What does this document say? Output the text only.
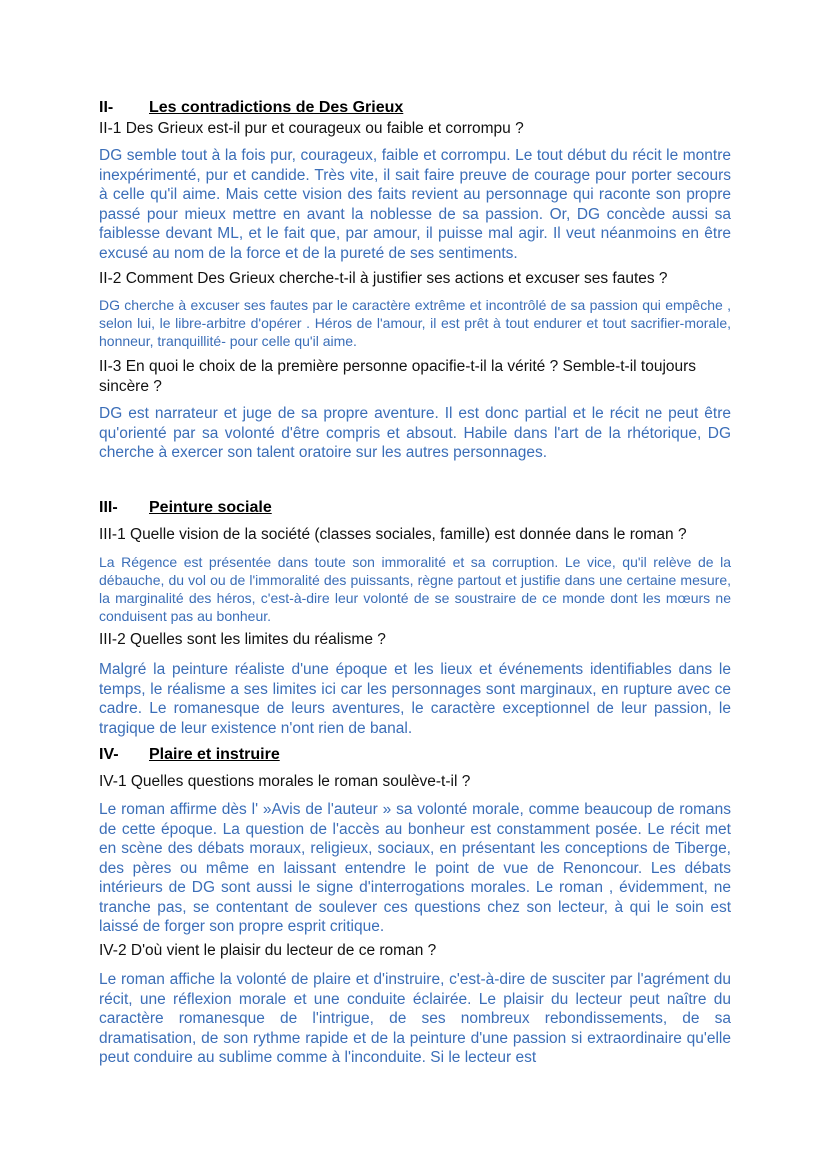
II- Les contradictions de Des Grieux
II-1 Des Grieux est-il pur et courageux ou faible et corrompu ?
DG semble tout à la fois pur, courageux, faible et corrompu. Le tout début du récit le montre inexpérimenté, pur et candide. Très vite, il sait faire preuve de courage pour porter secours à celle qu'il aime. Mais cette vision des faits revient au personnage qui raconte son propre passé pour mieux mettre en avant la noblesse de sa passion. Or, DG concède aussi sa faiblesse devant ML, et le fait que, par amour, il puisse mal agir. Il veut néanmoins en être excusé au nom de la force et de la pureté de ses sentiments.
II-2 Comment Des Grieux cherche-t-il à justifier ses actions et excuser ses fautes ?
DG cherche à excuser ses fautes par le caractère extrême et incontrôlé de sa passion qui empêche , selon lui, le libre-arbitre d'opérer . Héros de l'amour, il est prêt à tout endurer et tout sacrifier-morale, honneur, tranquillité- pour celle qu'il aime.
II-3 En quoi le choix de la première personne opacifie-t-il la vérité ? Semble-t-il toujours sincère ?
DG est narrateur et juge de sa propre aventure. Il est donc partial et le récit ne peut être qu'orienté par sa volonté d'être compris et absout. Habile dans l'art de la rhétorique, DG cherche à exercer son talent oratoire sur les autres personnages.
III- Peinture sociale
III-1 Quelle vision de la société (classes sociales, famille) est donnée dans le roman ?
La Régence est présentée dans toute son immoralité et sa corruption. Le vice, qu'il relève de la débauche, du vol ou de l'immoralité des puissants, règne partout et justifie dans une certaine mesure, la marginalité des héros, c'est-à-dire leur volonté de se soustraire de ce monde dont les mœurs ne conduisent pas au bonheur.
III-2 Quelles sont les limites du réalisme ?
Malgré la peinture réaliste d'une époque et les lieux et événements identifiables dans le temps, le réalisme a ses limites ici car les personnages sont marginaux, en rupture avec ce cadre. Le romanesque de leurs aventures, le caractère exceptionnel de leur passion, le tragique de leur existence n'ont rien de banal.
IV- Plaire et instruire
IV-1 Quelles questions morales le roman soulève-t-il ?
Le roman affirme dès l' »Avis de l'auteur » sa volonté morale, comme beaucoup de romans de cette époque. La question de l'accès au bonheur est constamment posée. Le récit met en scène des débats moraux, religieux, sociaux, en présentant les conceptions de Tiberge, des pères ou même en laissant entendre le point de vue de Renoncour. Les débats intérieurs de DG sont aussi le signe d'interrogations morales. Le roman , évidemment, ne tranche pas, se contentant de soulever ces questions chez son lecteur, à qui le soin est laissé de forger son propre esprit critique.
IV-2 D'où vient le plaisir du lecteur de ce roman ?
Le roman affiche la volonté de plaire et d'instruire, c'est-à-dire de susciter par l'agrément du récit, une réflexion morale et une conduite éclairée. Le plaisir du lecteur peut naître du caractère romanesque de l'intrigue, de ses nombreux rebondissements, de sa dramatisation, de son rythme rapide et de la peinture d'une passion si extraordinaire qu'elle peut conduire au sublime comme à l'inconduite. Si le lecteur est
